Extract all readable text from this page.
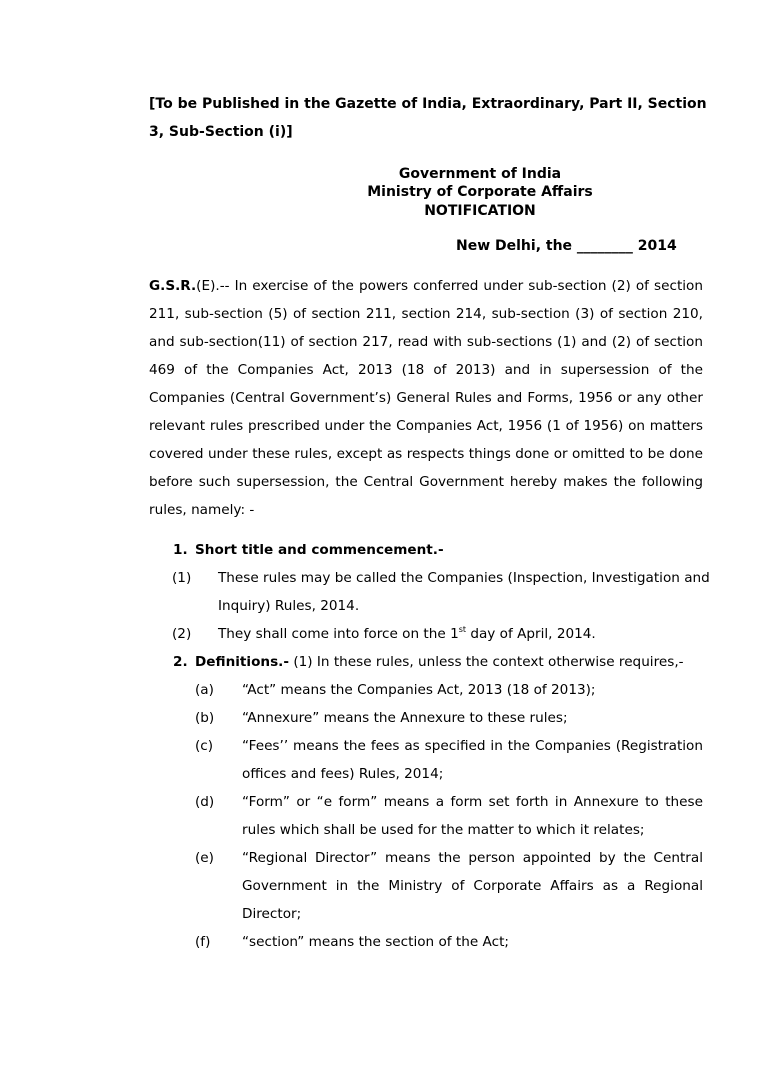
[To be Published in the Gazette of India, Extraordinary, Part II, Section
3, Sub-Section (i)]
Government of India
Ministry of Corporate Affairs
NOTIFICATION
New Delhi, the ________ 2014
G.S.R.(E).-- In exercise of the powers conferred under sub-section (2) of section
211, sub-section (5) of section 211, section 214, sub-section (3) of section 210,
and sub-section(11) of section 217, read with sub-sections (1) and (2) of section
469 of the Companies Act, 2013 (18 of 2013) and in supersession of the
Companies (Central Government’s) General Rules and Forms, 1956 or any other
relevant rules prescribed under the Companies Act, 1956 (1 of 1956) on matters
covered under these rules, except as respects things done or omitted to be done
before such supersession, the Central Government hereby makes the following
rules, namely: -
1. Short title and commencement.-
(1) These rules may be called the Companies (Inspection, Investigation and
Inquiry) Rules, 2014.
(2) They shall come into force on the 1st day of April, 2014.
2. Definitions.- (1) In these rules, unless the context otherwise requires,-
(a) “Act” means the Companies Act, 2013 (18 of 2013);
(b) “Annexure” means the Annexure to these rules;
(c) “Fees’’ means the fees as specified in the Companies (Registration
offices and fees) Rules, 2014;
(d) “Form” or “e form” means a form set forth in Annexure to these
rules which shall be used for the matter to which it relates;
(e) “Regional Director” means the person appointed by the Central
Government in the Ministry of Corporate Affairs as a Regional
Director;
(f) “section” means the section of the Act;
